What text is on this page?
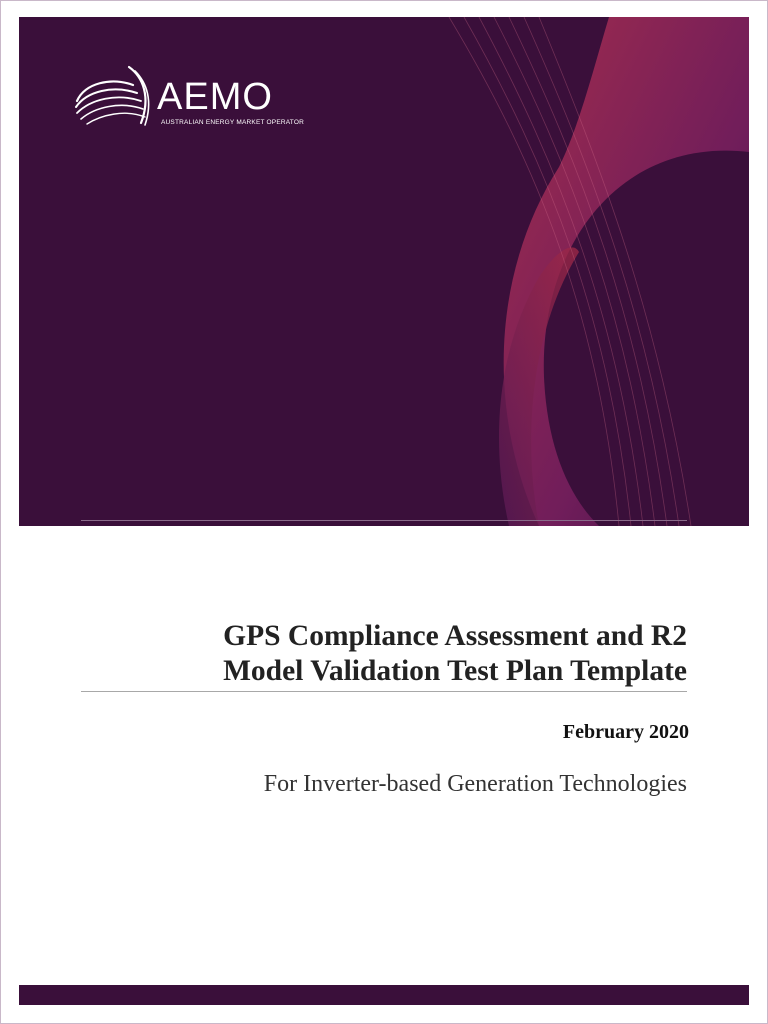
AEMO
AUSTRALIAN ENERGY MARKET OPERATOR
GPS Compliance Assessment and R2
Model Validation Test Plan Template
February 2020
For Inverter-based Generation Technologies
